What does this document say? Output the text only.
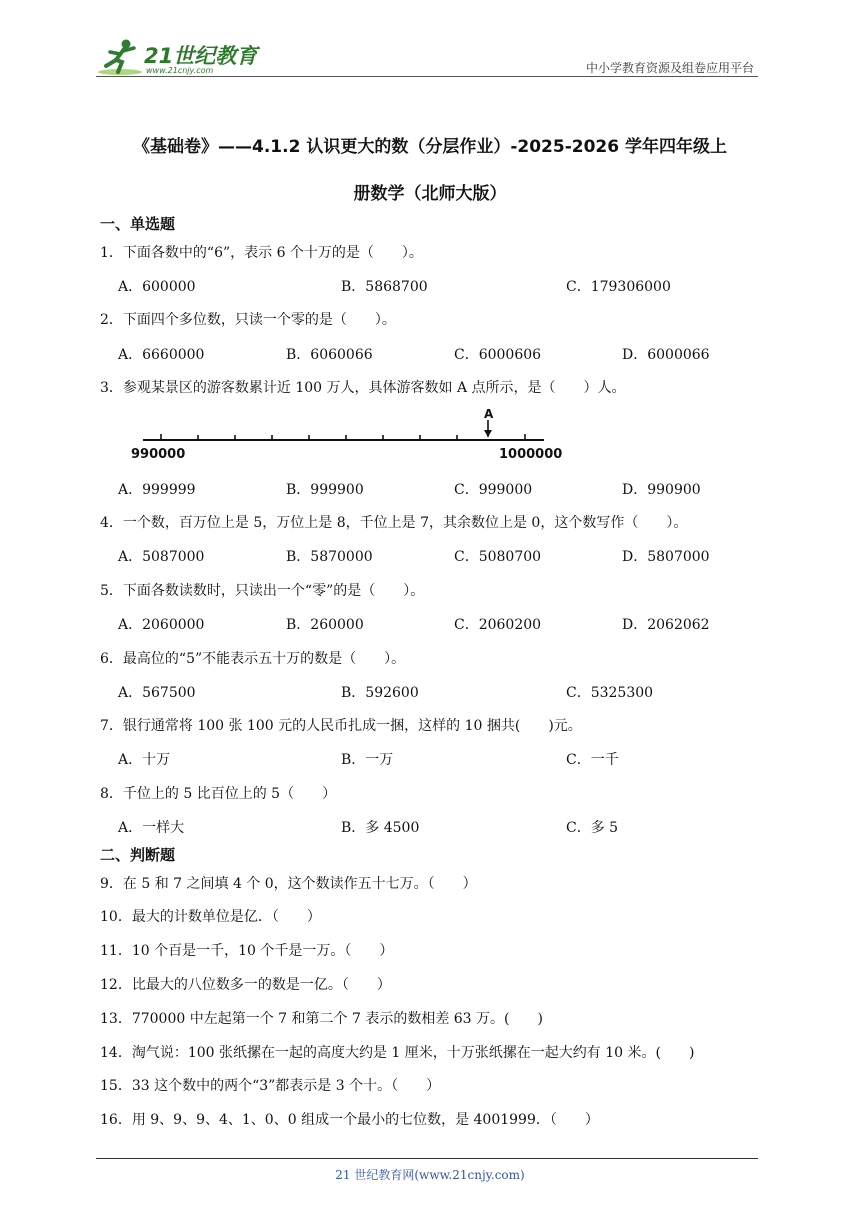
21世纪教育
www.21cnjy.com	中小学教育资源及组卷应用平台
《基础卷》——4.1.2 认识更大的数（分层作业）-2025-2026 学年四年级上
册数学（北师大版）
一、单选题
1．下面各数中的“6”，表示 6 个十万的是（　　）。
A．600000	B．5868700	C．179306000
2．下面四个多位数，只读一个零的是（　　）。
A．6660000	B．6060066	C．6000606	D．6000066
3．参观某景区的游客数累计近 100 万人，具体游客数如 A 点所示，是（　　）人。
A
990000	1000000
A．999999	B．999900	C．999000	D．990900
4．一个数，百万位上是 5，万位上是 8，千位上是 7，其余数位上是 0，这个数写作（　　）。
A．5087000	B．5870000	C．5080700	D．5807000
5．下面各数读数时，只读出一个“零”的是（　　）。
A．2060000	B．260000	C．2060200	D．2062062
6．最高位的“5”不能表示五十万的数是（　　）。
A．567500	B．592600	C．5325300
7．银行通常将 100 张 100 元的人民币扎成一捆，这样的 10 捆共(　　)元。
A．十万	B．一万	C．一千
8．千位上的 5 比百位上的 5（　　）
A．一样大	B．多 4500	C．多 5
二、判断题
9．在 5 和 7 之间填 4 个 0，这个数读作五十七万。（　　）
10．最大的计数单位是亿．（　　）
11．10 个百是一千，10 个千是一万。（　　）
12．比最大的八位数多一的数是一亿。（　　）
13．770000 中左起第一个 7 和第二个 7 表示的数相差 63 万。(　　)
14．淘气说：100 张纸摞在一起的高度大约是 1 厘米，十万张纸摞在一起大约有 10 米。(　　)
15．33 这个数中的两个“3”都表示是 3 个十。（　　）
16．用 9、9、9、4、1、0、0 组成一个最小的七位数，是 4001999．（　　）
21 世纪教育网(www.21cnjy.com)
